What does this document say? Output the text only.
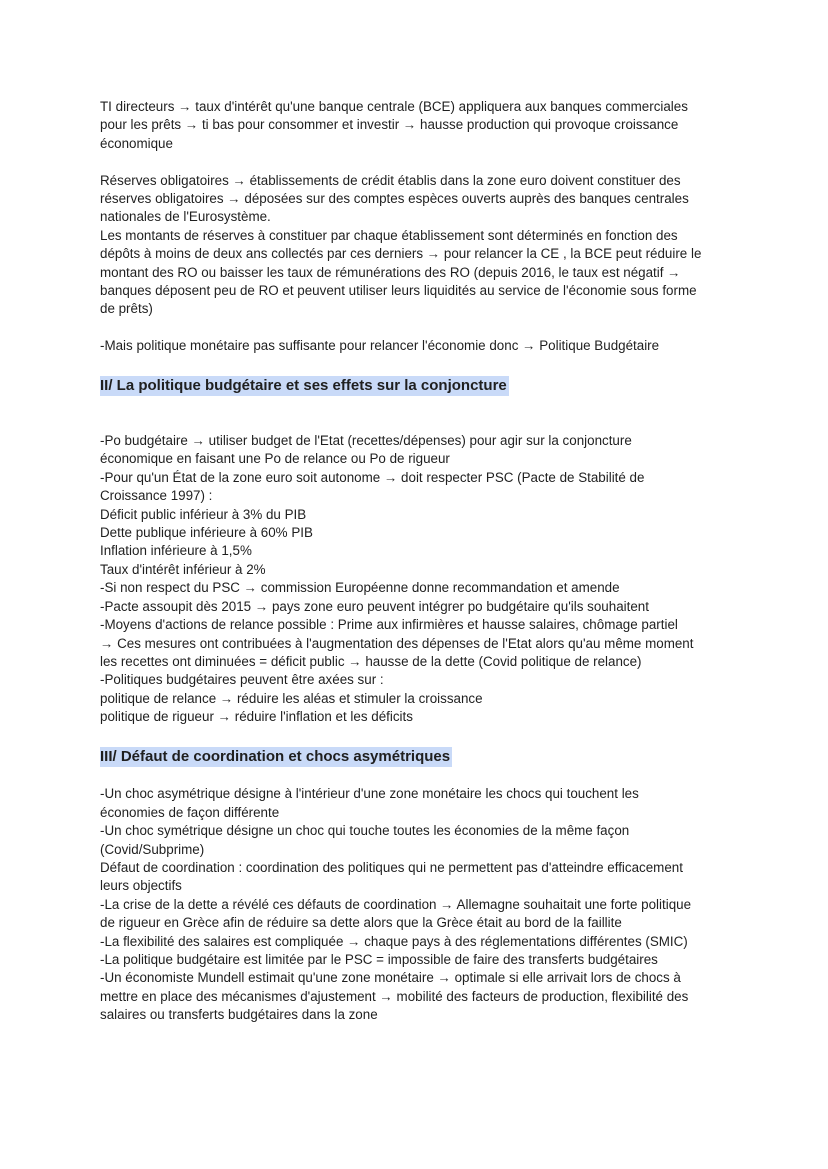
TI directeurs → taux d'intérêt qu'une banque centrale (BCE) appliquera aux banques commerciales
pour les prêts → ti bas pour consommer et investir → hausse production qui provoque croissance
économique
Réserves obligatoires → établissements de crédit établis dans la zone euro doivent constituer des
réserves obligatoires → déposées sur des comptes espèces ouverts auprès des banques centrales
nationales de l'Eurosystème.
Les montants de réserves à constituer par chaque établissement sont déterminés en fonction des
dépôts à moins de deux ans collectés par ces derniers → pour relancer la CE , la BCE peut réduire le
montant des RO ou baisser les taux de rémunérations des RO (depuis 2016, le taux est négatif →
banques déposent peu de RO et peuvent utiliser leurs liquidités au service de l'économie sous forme
de prêts)
-Mais politique monétaire pas suffisante pour relancer l'économie donc → Politique Budgétaire
II/ La politique budgétaire et ses effets sur la conjoncture
-Po budgétaire → utiliser budget de l'Etat (recettes/dépenses) pour agir sur la conjoncture
économique en faisant une Po de relance ou Po de rigueur
-Pour qu'un État de la zone euro soit autonome → doit respecter PSC (Pacte de Stabilité de
Croissance 1997) :
Déficit public inférieur à 3% du PIB
Dette publique inférieure à 60% PIB
Inflation inférieure à 1,5%
Taux d'intérêt inférieur à 2%
-Si non respect du PSC → commission Européenne donne recommandation et amende
-Pacte assoupit dès 2015 → pays zone euro peuvent intégrer po budgétaire qu'ils souhaitent
-Moyens d'actions de relance possible : Prime aux infirmières et hausse salaires, chômage partiel
→ Ces mesures ont contribuées à l'augmentation des dépenses de l'Etat alors qu'au même moment
les recettes ont diminuées = déficit public → hausse de la dette (Covid politique de relance)
-Politiques budgétaires peuvent être axées sur :
politique de relance → réduire les aléas et stimuler la croissance
politique de rigueur → réduire l'inflation et les déficits
III/ Défaut de coordination et chocs asymétriques
-Un choc asymétrique désigne à l'intérieur d'une zone monétaire les chocs qui touchent les
économies de façon différente
-Un choc symétrique désigne un choc qui touche toutes les économies de la même façon
(Covid/Subprime)
Défaut de coordination : coordination des politiques qui ne permettent pas d'atteindre efficacement
leurs objectifs
-La crise de la dette a révélé ces défauts de coordination → Allemagne souhaitait une forte politique
de rigueur en Grèce afin de réduire sa dette alors que la Grèce était au bord de la faillite
-La flexibilité des salaires est compliquée → chaque pays à des réglementations différentes (SMIC)
-La politique budgétaire est limitée par le PSC = impossible de faire des transferts budgétaires
-Un économiste Mundell estimait qu'une zone monétaire → optimale si elle arrivait lors de chocs à
mettre en place des mécanismes d'ajustement → mobilité des facteurs de production, flexibilité des
salaires ou transferts budgétaires dans la zone
